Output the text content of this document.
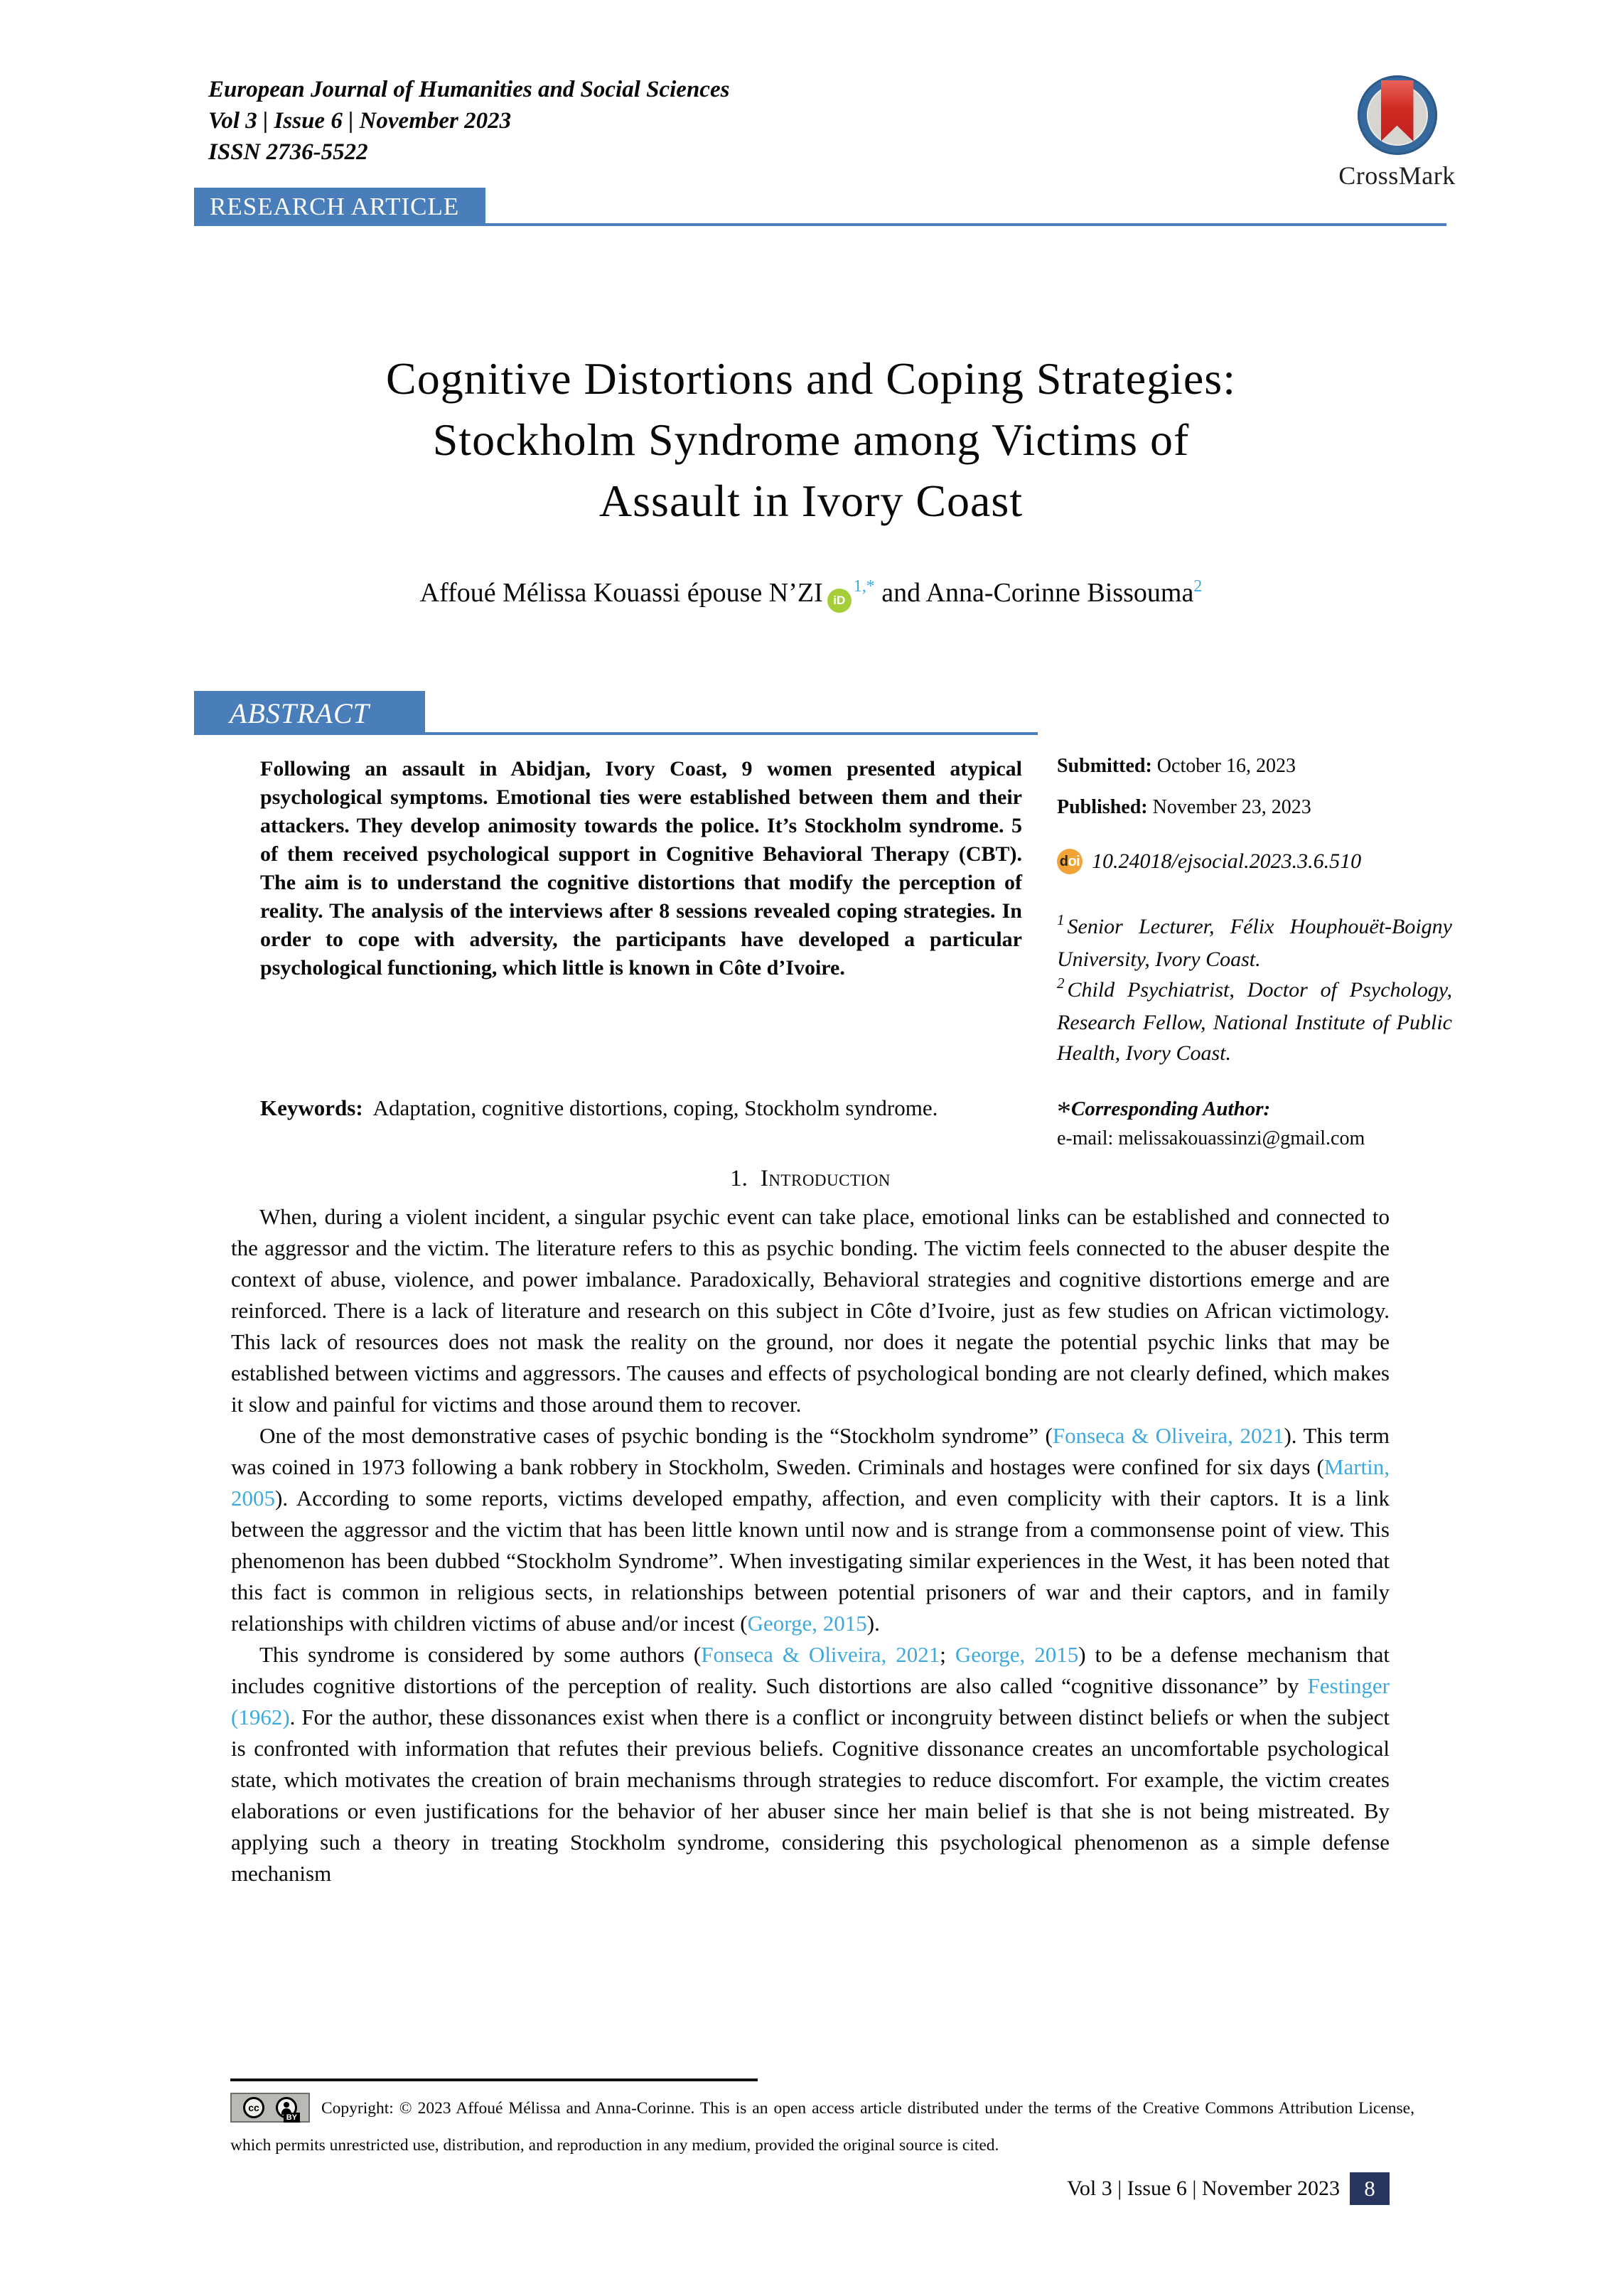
European Journal of Humanities and Social Sciences
Vol 3 | Issue 6 | November 2023
ISSN 2736-5522
CrossMark
RESEARCH ARTICLE
Cognitive Distortions and Coping Strategies:
Stockholm Syndrome among Victims of
Assault in Ivory Coast
Affoué Mélissa Kouassi épouse N’ZI $iD^{1,*}$ and Anna-Corinne Bissouma$^2$
ABSTRACT
Following an assault in Abidjan, Ivory Coast, 9 women presented atypical psychological symptoms. Emotional ties were established between them and their attackers. They develop animosity towards the police. It’s Stockholm syndrome. 5 of them received psychological support in Cognitive Behavioral Therapy (CBT). The aim is to understand the cognitive distortions that modify the perception of reality. The analysis of the interviews after 8 sessions revealed coping strategies. In order to cope with adversity, the participants have developed a particular psychological functioning, which little is known in Côte d’Ivoire.
Keywords: Adaptation, cognitive distortions, coping, Stockholm syndrome.
Submitted: October 16, 2023
Published: November 23, 2023
d oi 10.24018/ejsocial.2023.3.6.510
$^1$ Senior Lecturer, Félix Houphouët-Boigny University, Ivory Coast.
$^2$ Child Psychiatrist, Doctor of Psychology, Research Fellow, National Institute of Public Health, Ivory Coast.
*Corresponding Author:
e-mail: melissakouassinzi@gmail.com
1. Introduction

When, during a violent incident, a singular psychic event can take place, emotional links can be established and connected to the aggressor and the victim. The literature refers to this as psychic bonding. The victim feels connected to the abuser despite the context of abuse, violence, and power imbalance. Paradoxically, Behavioral strategies and cognitive distortions emerge and are reinforced. There is a lack of literature and research on this subject in Côte d’Ivoire, just as few studies on African victimology. This lack of resources does not mask the reality on the ground, nor does it negate the potential psychic links that may be established between victims and aggressors. The causes and effects of psychological bonding are not clearly defined, which makes it slow and painful for victims and those around them to recover.

One of the most demonstrative cases of psychic bonding is the “Stockholm syndrome” (Fonseca & Oliveira, 2021). This term was coined in 1973 following a bank robbery in Stockholm, Sweden. Criminals and hostages were confined for six days (Martin, 2005). According to some reports, victims developed empathy, affection, and even complicity with their captors. It is a link between the aggressor and the victim that has been little known until now and is strange from a commonsense point of view. This phenomenon has been dubbed “Stockholm Syndrome”. When investigating similar experiences in the West, it has been noted that this fact is common in religious sects, in relationships between potential prisoners of war and their captors, and in family relationships with children victims of abuse and/or incest (George, 2015).

This syndrome is considered by some authors (Fonseca & Oliveira, 2021; George, 2015) to be a defense mechanism that includes cognitive distortions of the perception of reality. Such distortions are also called “cognitive dissonance” by Festinger (1962). For the author, these dissonances exist when there is a conflict or incongruity between distinct beliefs or when the subject is confronted with information that refutes their previous beliefs. Cognitive dissonance creates an uncomfortable psychological state, which motivates the creation of brain mechanisms through strategies to reduce discomfort. For example, the victim creates elaborations or even justifications for the behavior of her abuser since her main belief is that she is not being mistreated. By applying such a theory in treating Stockholm syndrome, considering this psychological phenomenon as a simple defense mechanism

cc
BY Copyright: © 2023 Affoué Mélissa and Anna-Corinne. This is an open access article distributed under the terms of the Creative Commons Attribution License, which permits unrestricted use, distribution, and reproduction in any medium, provided the original source is cited.
Vol 3 | Issue 6 | November 2023	8
